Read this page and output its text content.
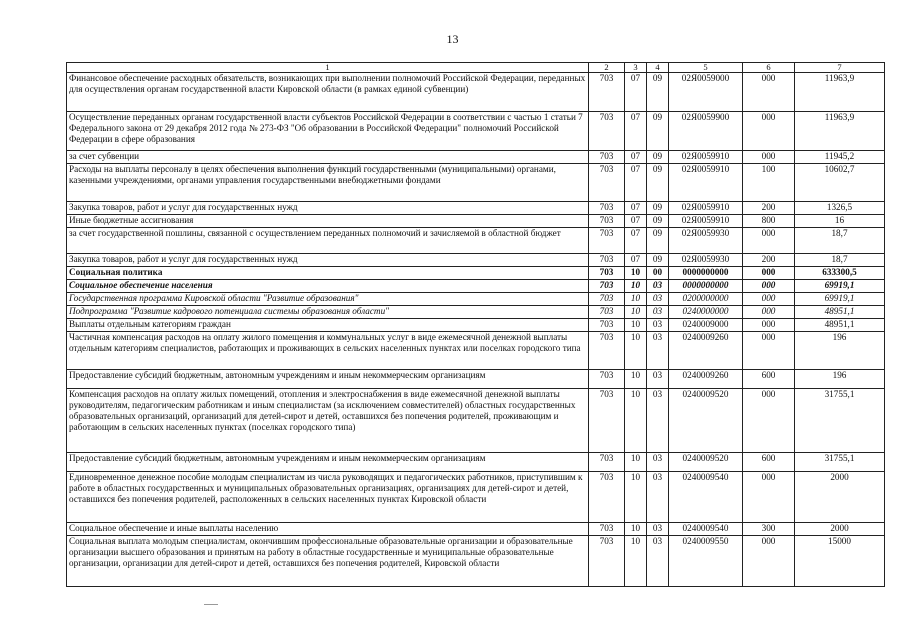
13
1	2	3	4	5	6	7
Финансовое обеспечение расходных обязательств, возникающих при выполнении полномочий Российской Федерации, переданных для осуществления органам государственной власти Кировской области (в рамках единой субвенции)	703	07	09	02Я0059000	000	11963,9
Осуществление переданных органам государственной власти субъектов Российской Федерации в соответствии с частью 1 статьи 7 Федерального закона от 29 декабря 2012 года № 273-ФЗ "Об образовании в Российской Федерации" полномочий Российской Федерации в сфере образования	703	07	09	02Я0059900	000	11963,9
за счет субвенции	703	07	09	02Я0059910	000	11945,2
Расходы на выплаты персоналу в целях обеспечения выполнения функций государственными (муниципальными) органами, казенными учреждениями, органами управления государственными внебюджетными фондами	703	07	09	02Я0059910	100	10602,7
Закупка товаров, работ и услуг для государственных нужд	703	07	09	02Я0059910	200	1326,5
Иные бюджетные ассигнования	703	07	09	02Я0059910	800	16
за счет государственной пошлины, связанной с осуществлением переданных полномочий и зачисляемой в областной бюджет	703	07	09	02Я0059930	000	18,7
Закупка товаров, работ и услуг для государственных нужд	703	07	09	02Я0059930	200	18,7
Социальная политика	703	10	00	0000000000	000	633300,5
Социальное обеспечение населения	703	10	03	0000000000	000	69919,1
Государственная программа Кировской области "Развитие образования"	703	10	03	0200000000	000	69919,1
Подпрограмма "Развитие кадрового потенциала системы образования области"	703	10	03	0240000000	000	48951,1
Выплаты отдельным категориям граждан	703	10	03	0240009000	000	48951,1
Частичная компенсация расходов на оплату жилого помещения и коммунальных услуг в виде ежемесячной денежной выплаты отдельным категориям специалистов, работающих и проживающих в сельских населенных пунктах или поселках городского типа	703	10	03	0240009260	000	196
Предоставление субсидий бюджетным, автономным учреждениям и иным некоммерческим организациям	703	10	03	0240009260	600	196
Компенсация расходов на оплату жилых помещений, отопления и электроснабжения в виде ежемесячной денежной выплаты руководителям, педагогическим работникам и иным специалистам (за исключением совместителей) областных государственных образовательных организаций, организаций для детей-сирот и детей, оставшихся без попечения родителей, проживающим и работающим в сельских населенных пунктах (поселках городского типа)	703	10	03	0240009520	000	31755,1
Предоставление субсидий бюджетным, автономным учреждениям и иным некоммерческим организациям	703	10	03	0240009520	600	31755,1
Единовременное денежное пособие молодым специалистам из числа руководящих и педагогических работников, приступившим к работе в областных государственных и муниципальных образовательных организациях, организациях для детей-сирот и детей, оставшихся без попечения родителей, расположенных в сельских населенных пунктах Кировской области	703	10	03	0240009540	000	2000
Социальное обеспечение и иные выплаты населению	703	10	03	0240009540	300	2000
Социальная выплата молодым специалистам, окончившим профессиональные образовательные организации и образовательные организации высшего образования и принятым на работу в областные государственные и муниципальные образовательные организации, организации для детей-сирот и детей, оставшихся без попечения родителей, Кировской области	703	10	03	0240009550	000	15000
